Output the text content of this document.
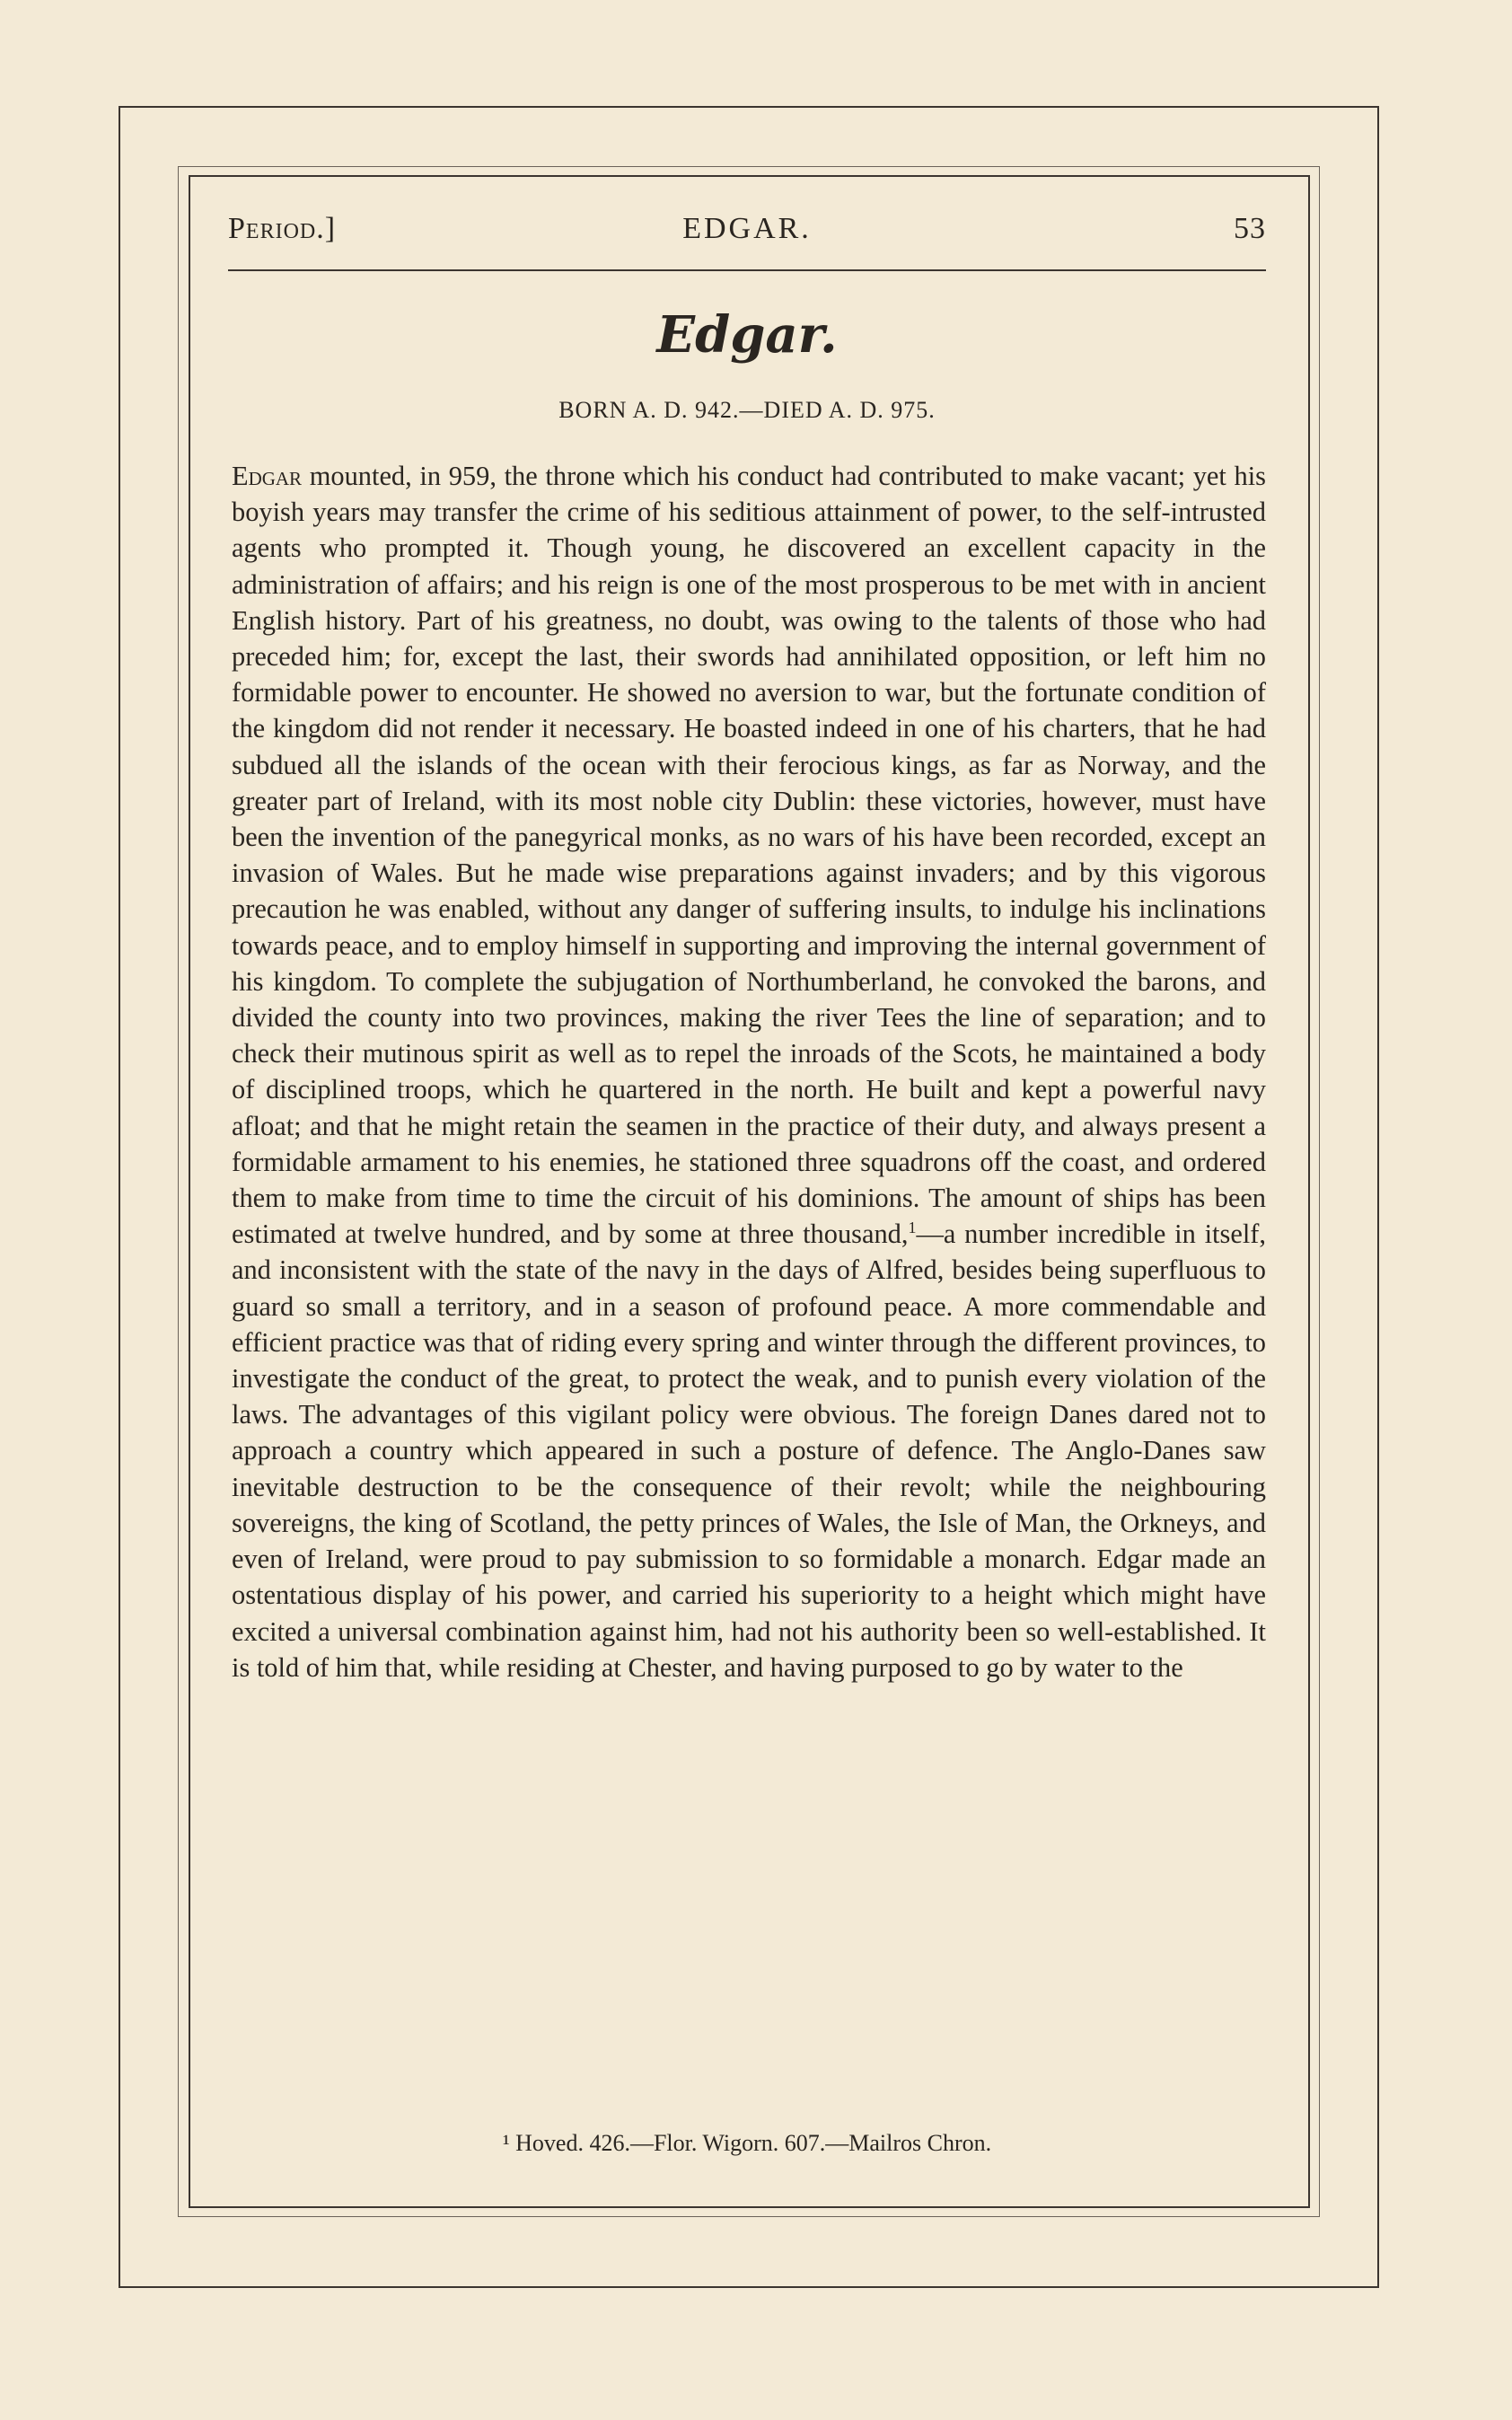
Period.]	EDGAR.	53
Edgar.
BORN A. D. 942.—DIED A. D. 975.
Edgar mounted, in 959, the throne which his conduct had contributed to make vacant; yet his boyish years may transfer the crime of his seditious attainment of power, to the self-intrusted agents who prompted it. Though young, he discovered an excellent capacity in the administration of affairs; and his reign is one of the most prosperous to be met with in ancient English history. Part of his greatness, no doubt, was owing to the talents of those who had preceded him; for, except the last, their swords had annihilated opposition, or left him no formidable power to encounter. He showed no aversion to war, but the fortunate condition of the kingdom did not render it necessary. He boasted indeed in one of his charters, that he had subdued all the islands of the ocean with their ferocious kings, as far as Norway, and the greater part of Ireland, with its most noble city Dublin: these victories, however, must have been the invention of the panegyrical monks, as no wars of his have been recorded, except an invasion of Wales. But he made wise preparations against invaders; and by this vigorous precaution he was enabled, without any danger of suffering insults, to indulge his inclinations towards peace, and to employ himself in supporting and improving the internal government of his kingdom. To complete the subjugation of Northumberland, he convoked the barons, and divided the county into two provinces, making the river Tees the line of separation; and to check their mutinous spirit as well as to repel the inroads of the Scots, he maintained a body of disciplined troops, which he quartered in the north. He built and kept a powerful navy afloat; and that he might retain the seamen in the practice of their duty, and always present a formidable armament to his enemies, he stationed three squadrons off the coast, and ordered them to make from time to time the circuit of his dominions. The amount of ships has been estimated at twelve hundred, and by some at three thousand,$^1$—a number incredible in itself, and inconsistent with the state of the navy in the days of Alfred, besides being superfluous to guard so small a territory, and in a season of profound peace. A more commendable and efficient practice was that of riding every spring and winter through the different provinces, to investigate the conduct of the great, to protect the weak, and to punish every violation of the laws. The advantages of this vigilant policy were obvious. The foreign Danes dared not to approach a country which appeared in such a posture of defence. The Anglo-Danes saw inevitable destruction to be the consequence of their revolt; while the neighbouring sovereigns, the king of Scotland, the petty princes of Wales, the Isle of Man, the Orkneys, and even of Ireland, were proud to pay submission to so formidable a monarch. Edgar made an ostentatious display of his power, and carried his superiority to a height which might have excited a universal combination against him, had not his authority been so well-established. It is told of him that, while residing at Chester, and having purposed to go by water to the
¹ Hoved. 426.—Flor. Wigorn. 607.—Mailros Chron.
